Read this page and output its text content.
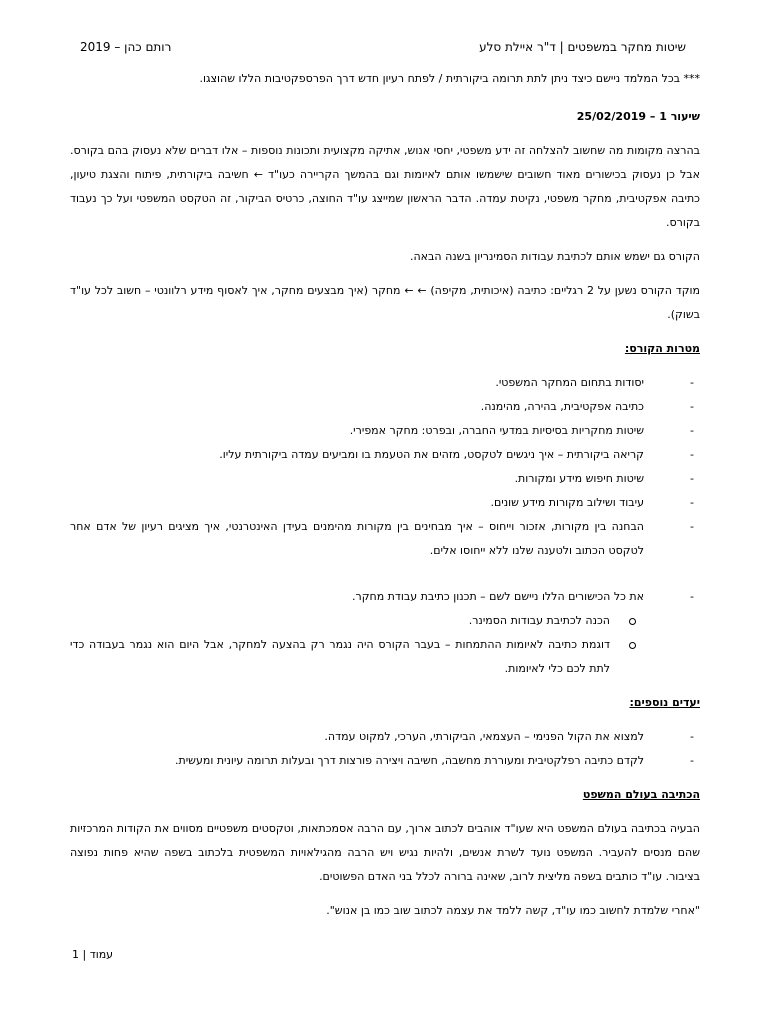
שיטות מחקר במשפטים | ד"ר איילת סלע
רותם כהן – 2019

*** בכל המלמד ניישם כיצד ניתן לתת תרומה ביקורתית / לפתח רעיון חדש דרך הפרספקטיבות הללו שהוצגו.

שיעור 1 – 25/02/2019

בהרצה מקומות מה שחשוב להצלחה זה ידע משפטי, יחסי אנוש, אתיקה מקצועית ותכונות נוספות – אלו דברים שלא נעסוק בהם בקורס. אבל כן נעסוק בכישורים מאוד חשובים שישמשו אותם לאיומות וגם בהמשך הקריירה כעו"ד ← חשיבה ביקורתית, פיתוח והצגת טיעון, כתיבה אפקטיבית, מחקר משפטי, נקיטת עמדה. הדבר הראשון שמייצג עו"ד החוצה, כרטיס הביקור, זה הטקסט המשפטי ועל כך נעבוד בקורס.

הקורס גם ישמש אותם לכתיבת עבודות הסמינריון בשנה הבאה.

מוקד הקורס נשען על 2 רגליים: כתיבה (איכותית, מקיפה) ← ← מחקר (איך מבצעים מחקר, איך לאסוף מידע רלוונטי – חשוב לכל עו"ד בשוק).

מטרות הקורס:

- יסודות בתחום המחקר המשפטי.
- כתיבה אפקטיבית, בהירה, מהימנה.
- שיטות מחקריות בסיסיות במדעי החברה, ובפרט: מחקר אמפירי.
- קריאה ביקורתית – איך ניגשים לטקסט, מזהים את הטעמת בו ומביעים עמדה ביקורתית עליו.
- שיטות חיפוש מידע ומקורות.
- עיבוד ושילוב מקורות מידע שונים.
- הבחנה בין מקורות, אזכור וייחוס – איך מבחינים בין מקורות מהימנים בעידן האינטרנטי, איך מציגים רעיון של אדם אחר לטקסט הכתוב ולטענה שלנו ללא ייחוסו אלים.
- את כל הכישורים הללו ניישם לשם – תכנון כתיבת עבודת מחקר.
הכנה לכתיבת עבודות הסמינר.
דוגמת כתיבה לאיומות ההתמחות – בעבר הקורס היה נגמר רק בהצעה למחקר, אבל היום הוא נגמר בעבודה כדי לתת לכם כלי לאיומות.

יעדים נוספים:

- למצוא את הקול הפנימי – העצמאי, הביקורתי, הערכי, למקוט עמדה.
- לקדם כתיבה רפלקטיבית ומעוררת מחשבה, חשיבה ויצירה פורצות דרך ובעלות תרומה עיונית ומעשית.

הכתיבה בעולם המשפט

הבעיה בכתיבה בעולם המשפט היא שעו"ד אוהבים לכתוב ארוך, עם הרבה אסמכתאות, וטקסטים משפטיים מסווים את הקודות המרכזיות שהם מנסים להעביר. המשפט נועד לשרת אנשים, ולהיות נגיש ויש הרבה מהגילאויות המשפטית בלכתוב בשפה שהיא פחות נפוצה בציבור. עו"ד כותבים בשפה מליצית לרוב, שאינה ברורה לכלל בני האדם הפשוטים.

"אחרי שלמדת לחשוב כמו עו"ד, קשה ללמד את עצמה לכתוב שוב כמו בן אנוש".

עמוד | 1
